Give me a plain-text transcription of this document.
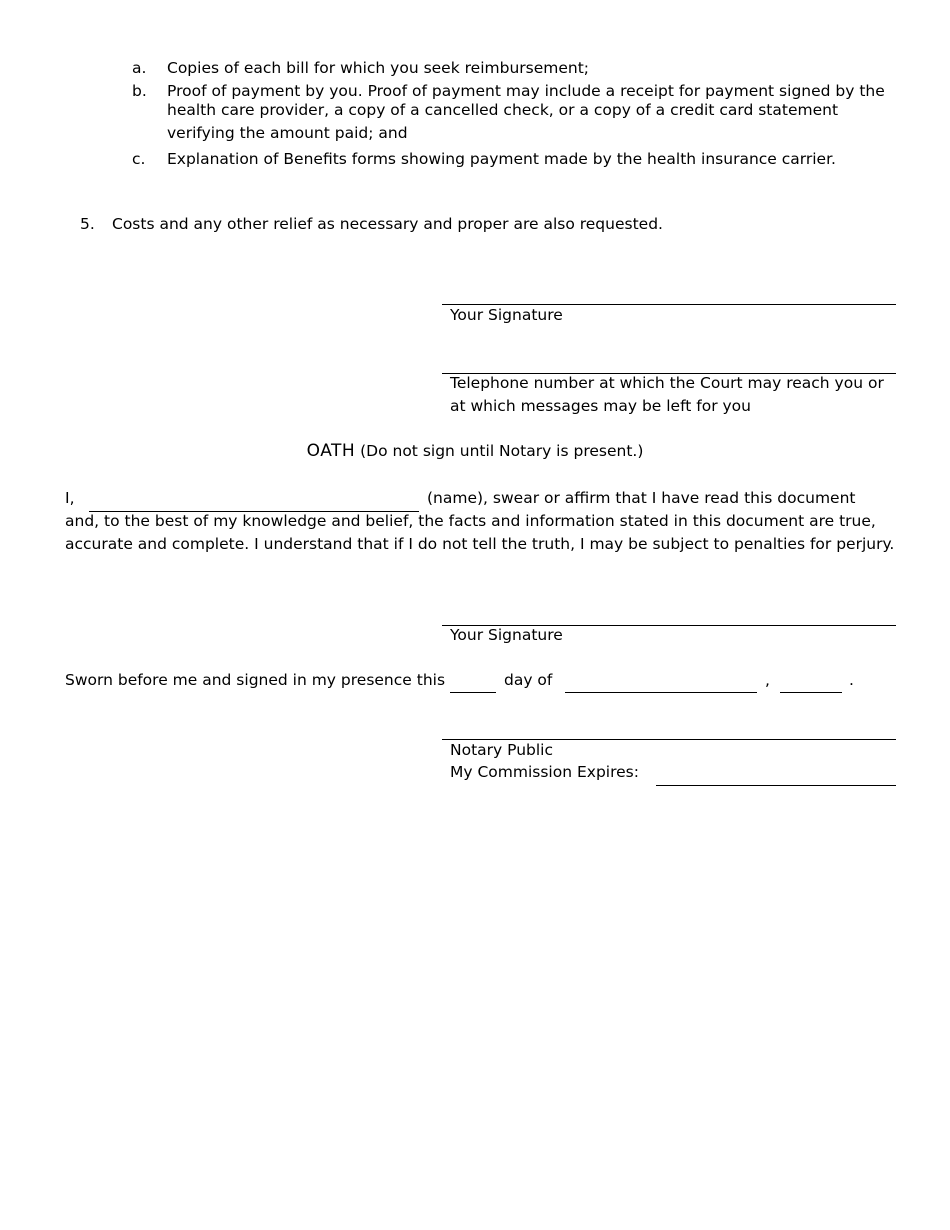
a. Copies of each bill for which you seek reimbursement;
b. Proof of payment by you. Proof of payment may include a receipt for payment signed by the
health care provider, a copy of a cancelled check, or a copy of a credit card statement
verifying the amount paid; and
c. Explanation of Benefits forms showing payment made by the health insurance carrier.
5. Costs and any other relief as necessary and proper are also requested.
Your Signature
Telephone number at which the Court may reach you or
at which messages may be left for you
OATH (Do not sign until Notary is present.)
I,	(name), swear or affirm that I have read this document
and, to the best of my knowledge and belief, the facts and information stated in this document are true,
accurate and complete. I understand that if I do not tell the truth, I may be subject to penalties for perjury.
Your Signature
Sworn before me and signed in my presence this	day of	,	.
Notary Public
My Commission Expires:
